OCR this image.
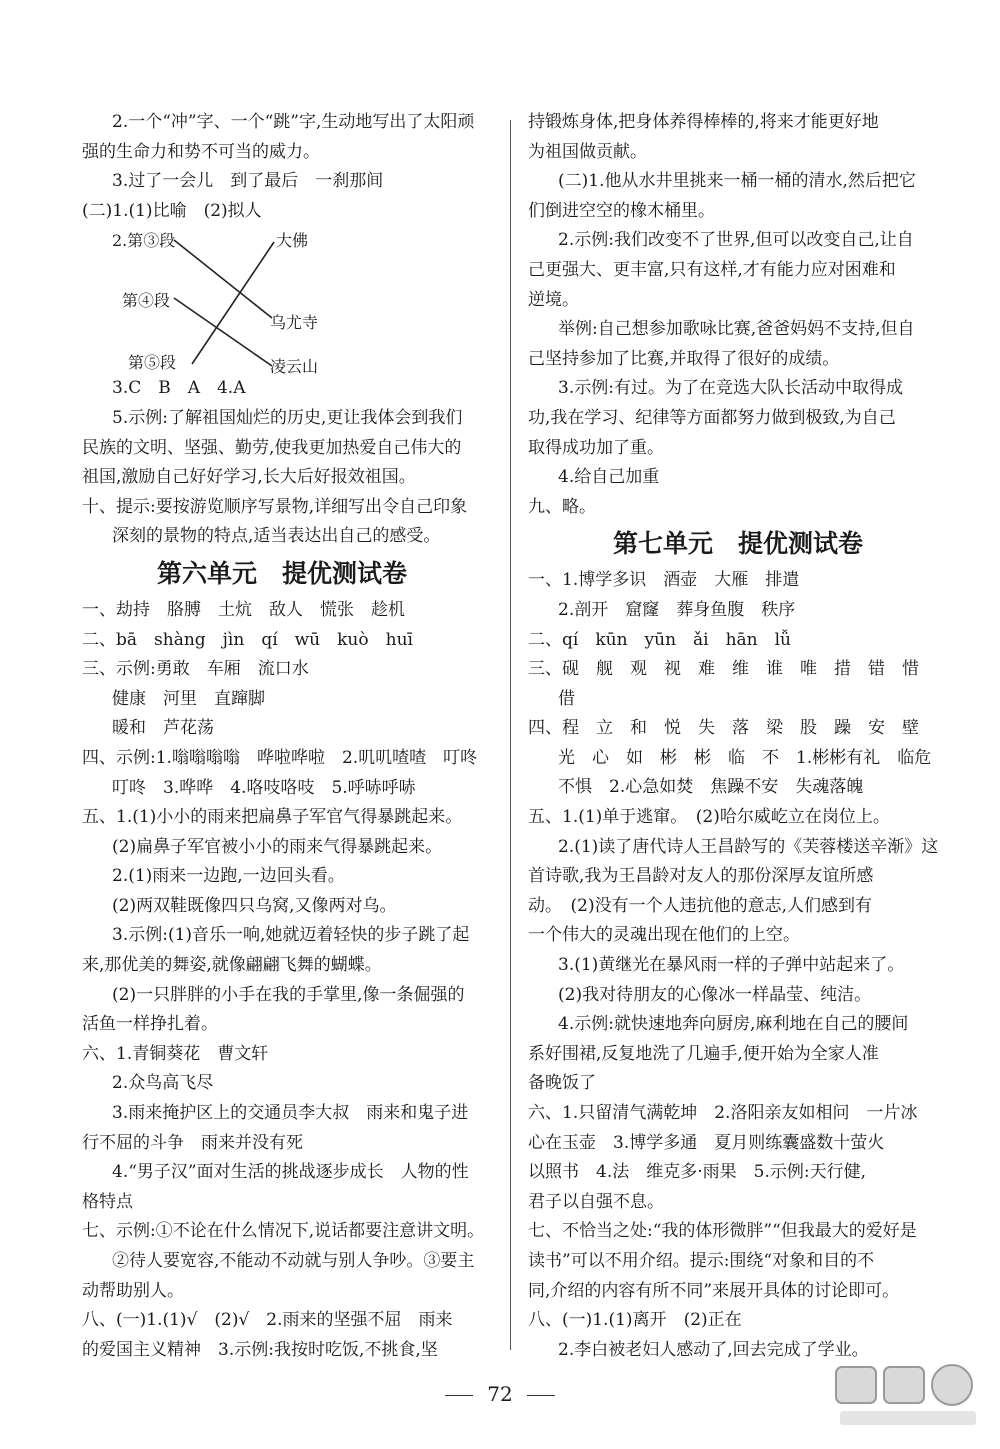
2.一个“冲”字、一个“跳”字,生动地写出了太阳顽
强的生命力和势不可当的威力。
3.过了一会儿　到了最后　一刹那间
(二)1.(1)比喻　(2)拟人
2.第③段
第④段
第⑤段
大佛
乌尤寺
凌云山
3.C　B　A　4.A
5.示例:了解祖国灿烂的历史,更让我体会到我们
民族的文明、坚强、勤劳,使我更加热爱自己伟大的
祖国,激励自己好好学习,长大后好报效祖国。
十、提示:要按游览顺序写景物,详细写出令自己印象
深刻的景物的特点,适当表达出自己的感受。
第六单元　提优测试卷
一、劫持　胳膊　土炕　敌人　慌张　趁机
二、bā　shàng　jìn　qí　wū　kuò　huī
三、示例:勇敢　车厢　流口水
健康　河里　直蹿脚
暖和　芦花荡
四、示例:1.嗡嗡嗡嗡　哗啦哗啦　2.叽叽喳喳　叮咚
叮咚　3.哗哗　4.咯吱咯吱　5.呼哧呼哧
五、1.(1)小小的雨来把扁鼻子军官气得暴跳起来。
(2)扁鼻子军官被小小的雨来气得暴跳起来。
2.(1)雨来一边跑,一边回头看。
(2)两双鞋既像四只乌窝,又像两对乌。
3.示例:(1)音乐一响,她就迈着轻快的步子跳了起
来,那优美的舞姿,就像翩翩飞舞的蝴蝶。
(2)一只胖胖的小手在我的手掌里,像一条倔强的
活鱼一样挣扎着。
六、1.青铜葵花　曹文轩
2.众鸟高飞尽
3.雨来掩护区上的交通员李大叔　雨来和鬼子进
行不屈的斗争　雨来并没有死
4.“男子汉”面对生活的挑战逐步成长　人物的性
格特点
七、示例:①不论在什么情况下,说话都要注意讲文明。
②待人要宽容,不能动不动就与别人争吵。③要主
动帮助别人。
八、(一)1.(1)√　(2)√　2.雨来的坚强不屈　雨来
的爱国主义精神　3.示例:我按时吃饭,不挑食,坚
持锻炼身体,把身体养得棒棒的,将来才能更好地
为祖国做贡献。
(二)1.他从水井里挑来一桶一桶的清水,然后把它
们倒进空空的橡木桶里。
2.示例:我们改变不了世界,但可以改变自己,让自
己更强大、更丰富,只有这样,才有能力应对困难和
逆境。
举例:自己想参加歌咏比赛,爸爸妈妈不支持,但自
己坚持参加了比赛,并取得了很好的成绩。
3.示例:有过。为了在竞选大队长活动中取得成
功,我在学习、纪律等方面都努力做到极致,为自己
取得成功加了重。
4.给自己加重
九、略。
第七单元　提优测试卷
一、1.博学多识　酒壶　大雁　排遣
2.剖开　窟窿　葬身鱼腹　秩序
二、qí　kūn　yūn　ǎi　hān　lǚ
三、砚　舰　观　视　难　维　谁　唯　措　错　惜
借
四、程　立　和　悦　失　落　梁　股　躁　安　壁
光　心　如　彬　彬　临　不　1.彬彬有礼　临危
不惧　2.心急如焚　焦躁不安　失魂落魄
五、1.(1)单于逃窜。　(2)哈尔威屹立在岗位上。
2.(1)读了唐代诗人王昌龄写的《芙蓉楼送辛渐》这
首诗歌,我为王昌龄对友人的那份深厚友谊所感
动。　(2)没有一个人违抗他的意志,人们感到有
一个伟大的灵魂出现在他们的上空。
3.(1)黄继光在暴风雨一样的子弹中站起来了。
(2)我对待朋友的心像冰一样晶莹、纯洁。
4.示例:就快速地奔向厨房,麻利地在自己的腰间
系好围裙,反复地洗了几遍手,便开始为全家人准
备晚饭了
六、1.只留清气满乾坤　2.洛阳亲友如相问　一片冰
心在玉壶　3.博学多通　夏月则练囊盛数十萤火
以照书　4.法　维克多·雨果　5.示例:天行健,
君子以自强不息。
七、不恰当之处:“我的体形微胖”“但我最大的爱好是
读书”可以不用介绍。提示:围绕“对象和目的不
同,介绍的内容有所不同”来展开具体的讨论即可。
八、(一)1.(1)离开　(2)正在
2.李白被老妇人感动了,回去完成了学业。
72
